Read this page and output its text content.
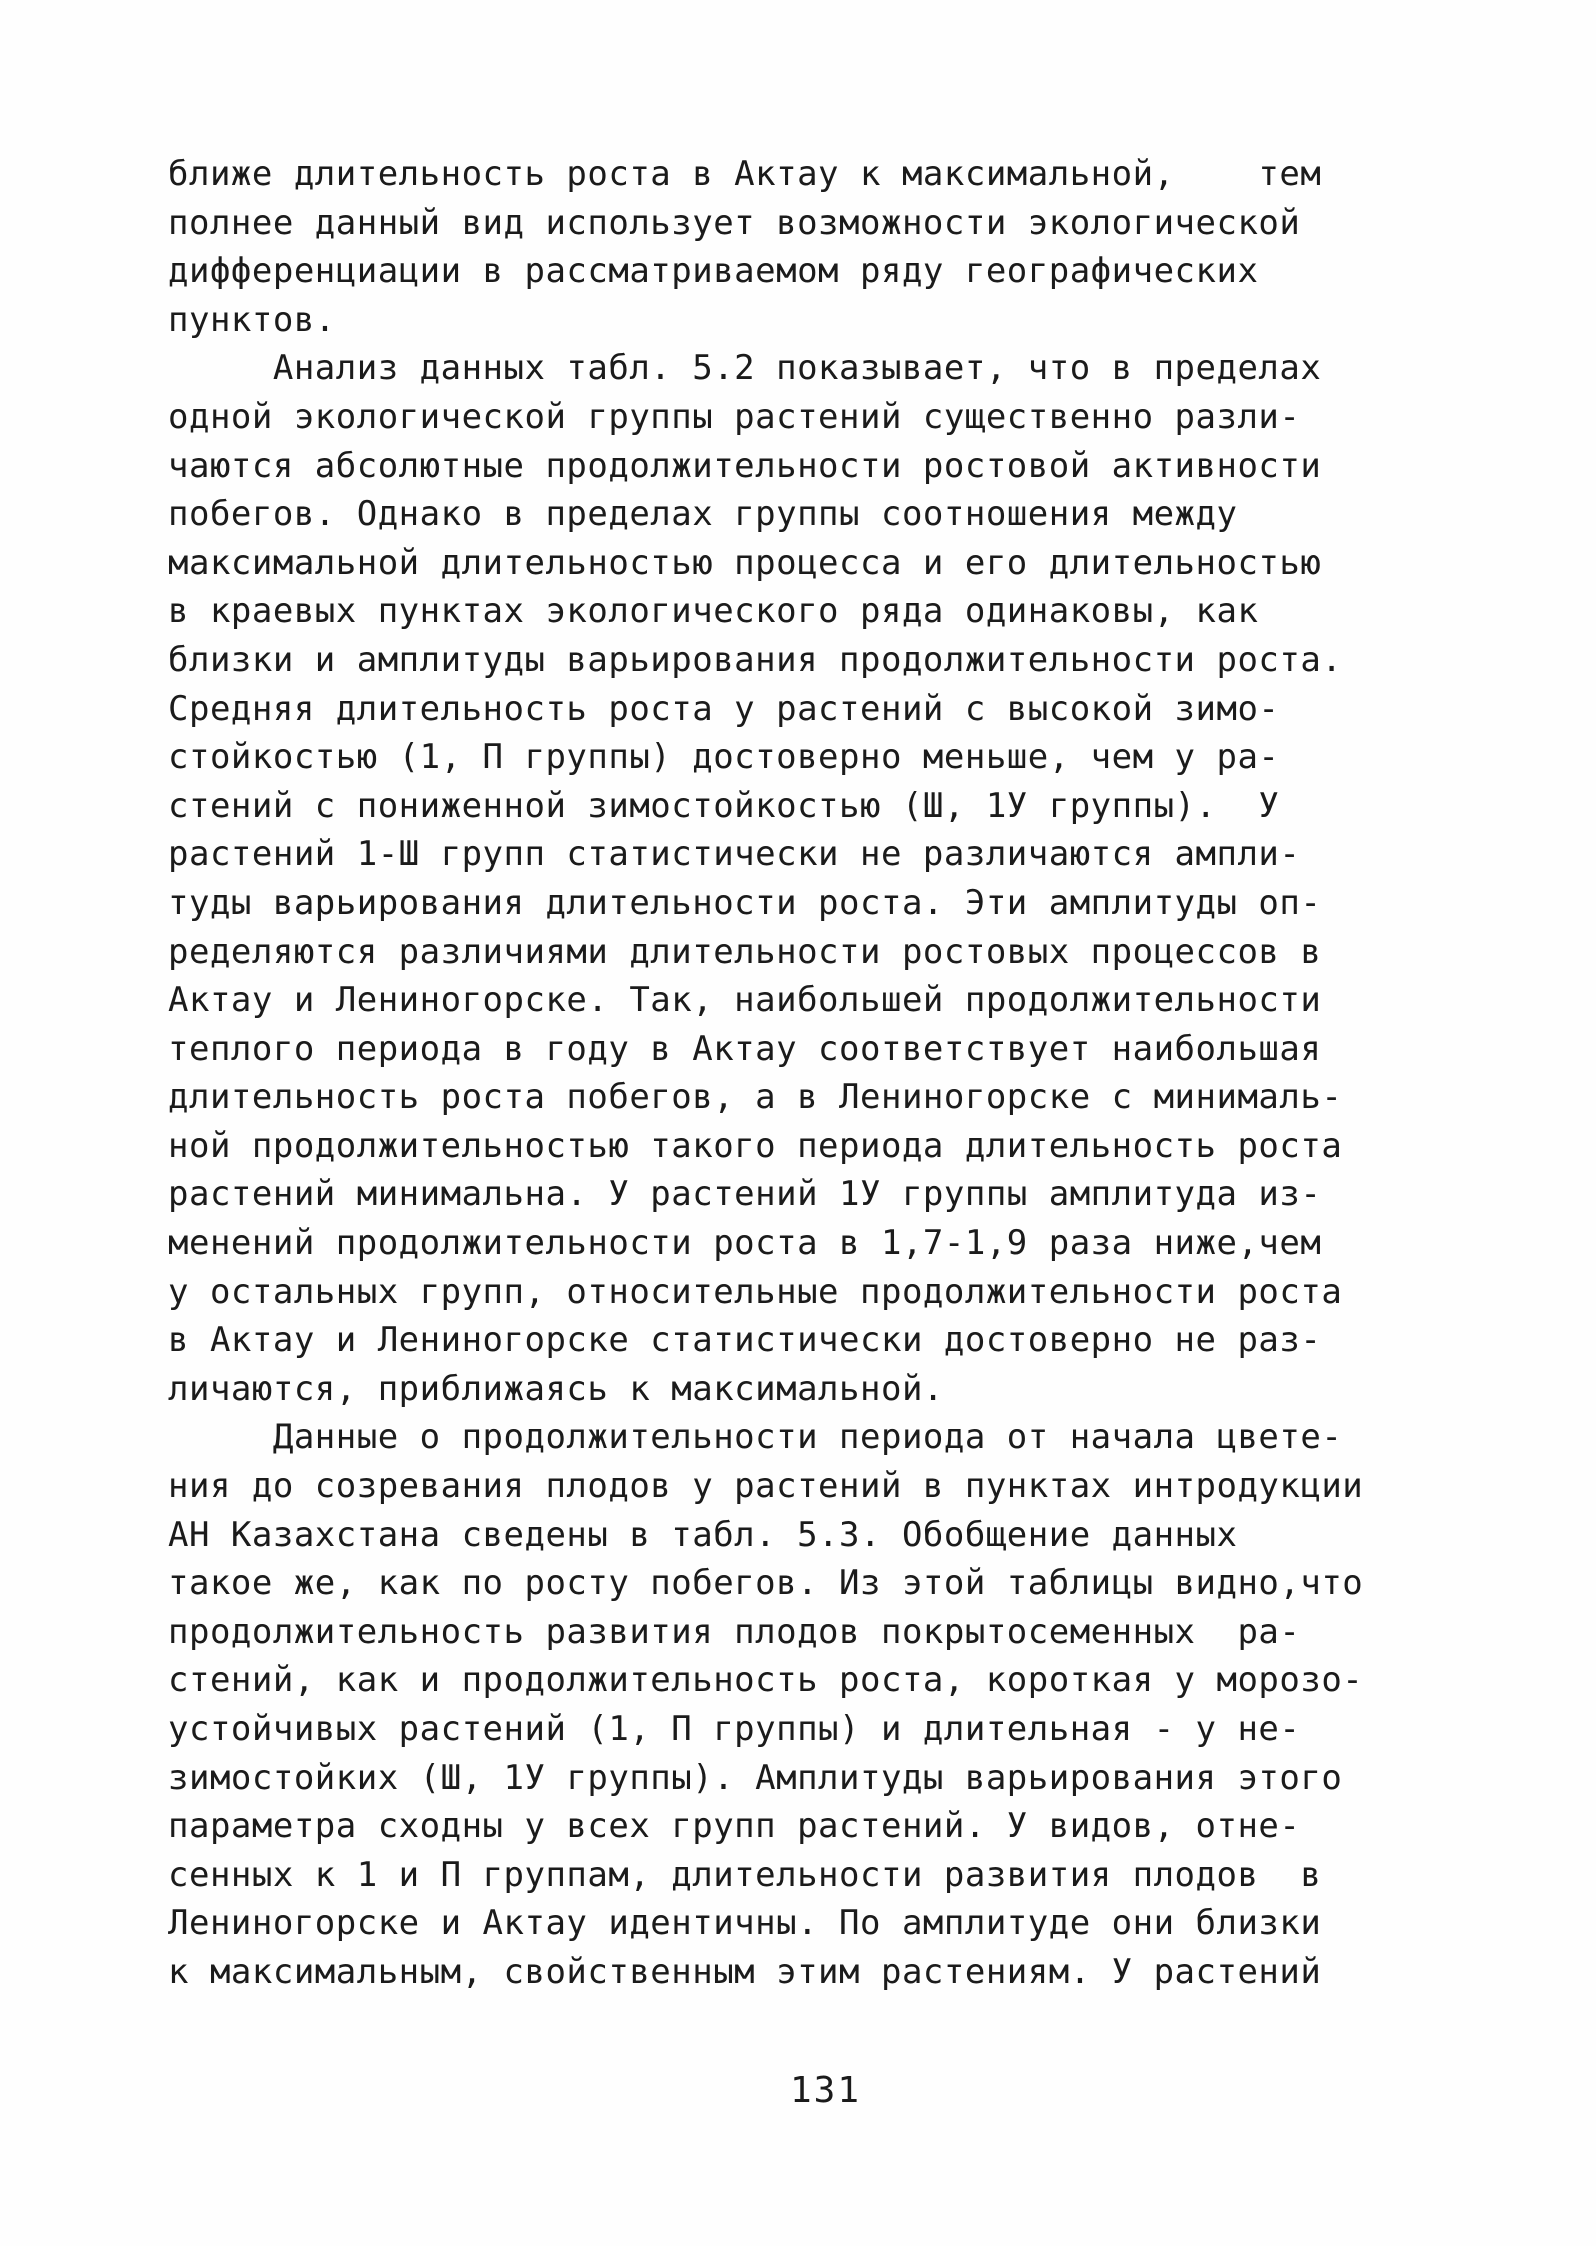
ближе длительность роста в Актау к максимальной,    тем
полнее данный вид использует возможности экологической
дифференциации в рассматриваемом ряду географических
пунктов.
Анализ данных табл. 5.2 показывает, что в пределах
одной экологической группы растений существенно разли-
чаются абсолютные продолжительности ростовой активности
побегов. Однако в пределах группы соотношения между
максимальной длительностью процесса и его длительностью
в краевых пунктах экологического ряда одинаковы, как
близки и амплитуды варьирования продолжительности роста.
Средняя длительность роста у растений с высокой зимо-
стойкостью (1, П группы) достоверно меньше, чем у ра-
стений с пониженной зимостойкостью (Ш, 1У группы).  У
растений 1-Ш групп статистически не различаются ампли-
туды варьирования длительности роста. Эти амплитуды оп-
ределяются различиями длительности ростовых процессов в
Актау и Лениногорске. Так, наибольшей продолжительности
теплого периода в году в Актау соответствует наибольшая
длительность роста побегов, а в Лениногорске с минималь-
ной продолжительностью такого периода длительность роста
растений минимальна. У растений 1У группы амплитуда из-
менений продолжительности роста в 1,7-1,9 раза ниже,чем
у остальных групп, относительные продолжительности роста
в Актау и Лениногорске статистически достоверно не раз-
личаются, приближаясь к максимальной.
Данные о продолжительности периода от начала цвете-
ния до созревания плодов у растений в пунктах интродукции
АН Казахстана сведены в табл. 5.3. Обобщение данных
такое же, как по росту побегов. Из этой таблицы видно,что
продолжительность развития плодов покрытосеменных  ра-
стений, как и продолжительность роста, короткая у морозо-
устойчивых растений (1, П группы) и длительная - у не-
зимостойких (Ш, 1У группы). Амплитуды варьирования этого
параметра сходны у всех групп растений. У видов, отне-
сенных к 1 и П группам, длительности развития плодов  в
Лениногорске и Актау идентичны. По амплитуде они близки
к максимальным, свойственным этим растениям. У растений
131
